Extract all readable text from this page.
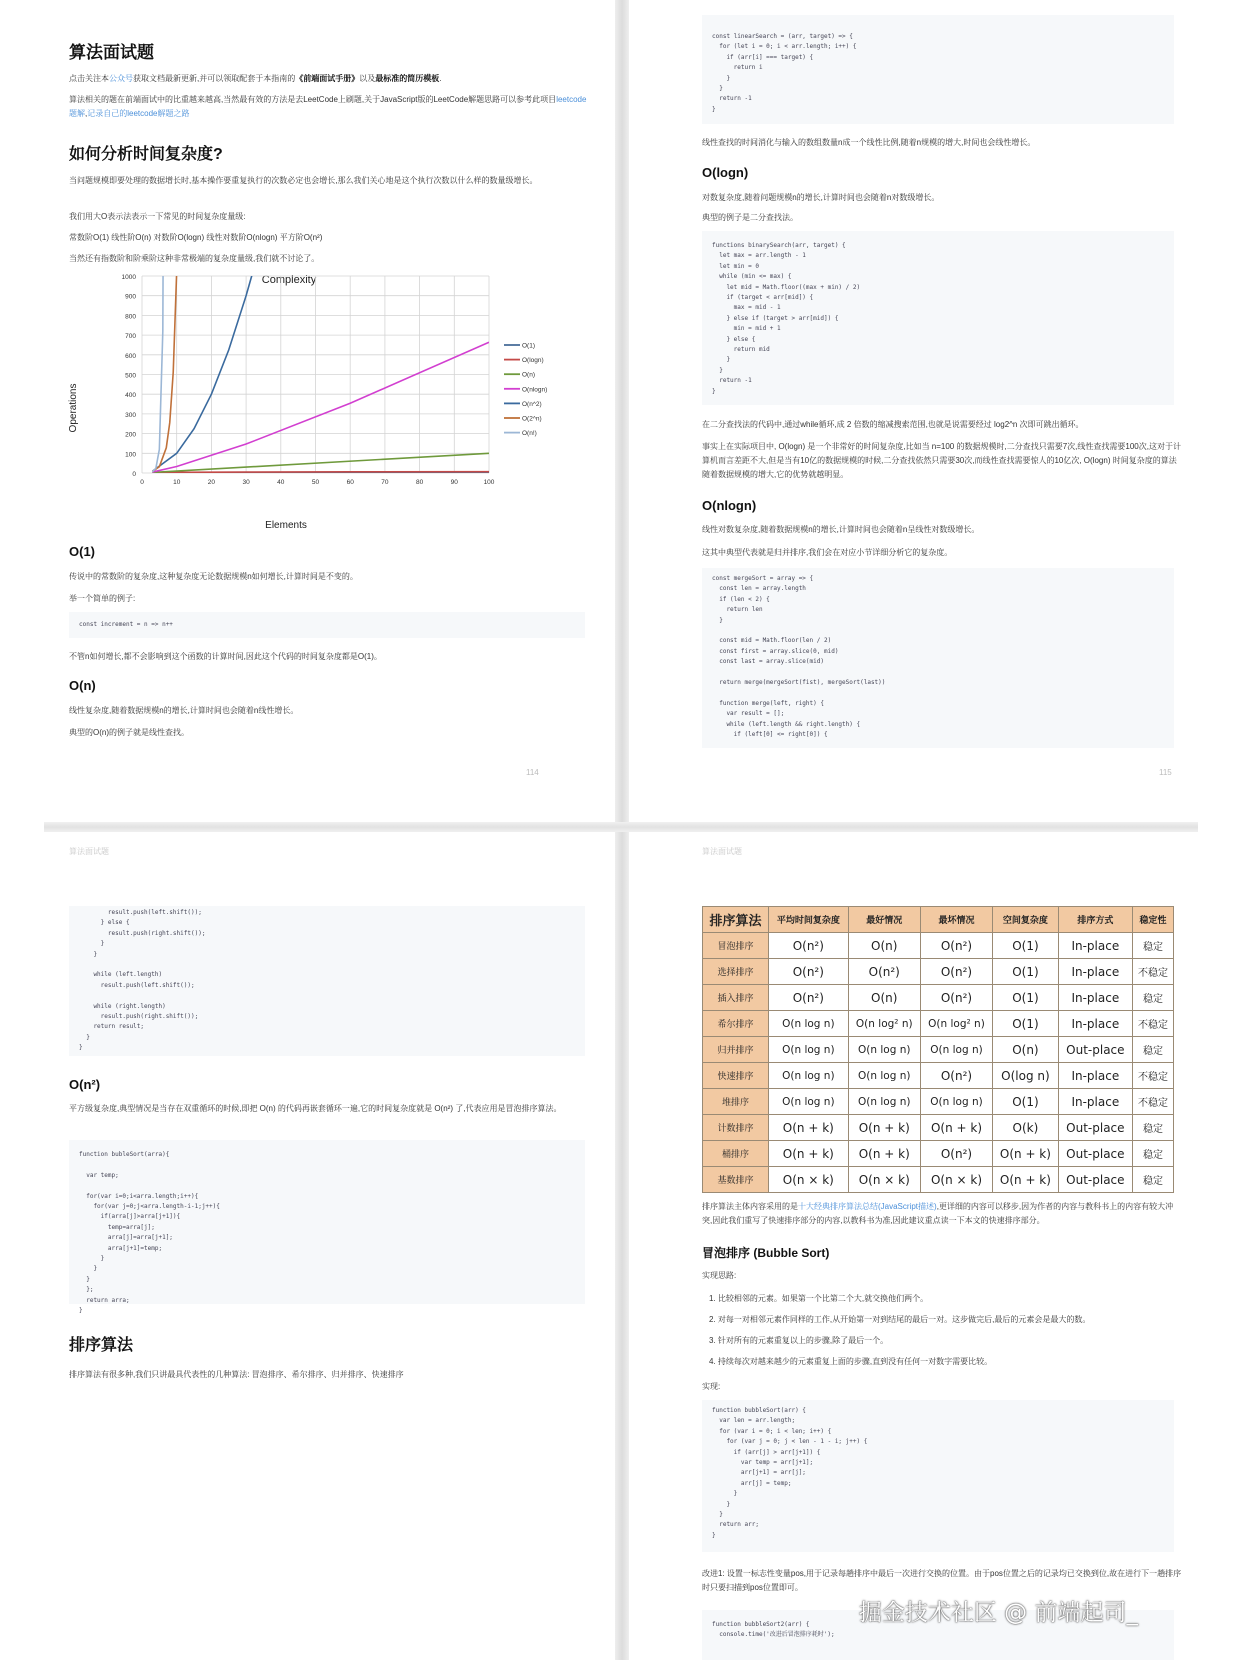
算法面试题
点击关注本公众号获取文档最新更新,并可以领取配套于本指南的《前端面试手册》以及最标准的简历模板.
算法相关的题在前端面试中的比重越来越高,当然最有效的方法是去LeetCode上刷题,关于JavaScript版的LeetCode解题思路可以参考此项目leetcode题解,记录自己的leetcode解题之路
如何分析时间复杂度?
当问题规模即要处理的数据增长时,基本操作要重复执行的次数必定也会增长,那么我们关心地是这个执行次数以什么样的数量级增长。
我们用大O表示法表示一下常见的时间复杂度量级:
常数阶O(1) 线性阶O(n) 对数阶O(logn) 线性对数阶O(nlogn) 平方阶O(n²)
当然还有指数阶和阶乘阶这种非常极端的复杂度量级,我们就不讨论了。
Complexity
Elements
Operations
0
100
200
300
400
500
600
700
800
900
1000
0	10	20	30	40	50	60	70	80	90	100
O(1)
O(logn)
O(n)
O(nlogn)
O(n^2)
O(2^n)
O(n!)
O(1)
传说中的常数阶的复杂度,这种复杂度无论数据规模n如何增长,计算时间是不变的。
举一个简单的例子:
const increment = n => n++
不管n如何增长,都不会影响到这个函数的计算时间,因此这个代码的时间复杂度都是O(1)。
O(n)
线性复杂度,随着数据规模n的增长,计算时间也会随着n线性增长。
典型的O(n)的例子就是线性查找。
114
const linearSearch = (arr, target) => {
for (let i = 0; i < arr.length; i++) {
if (arr[i] === target) {
return i
}
}
return -1
}
线性查找的时间消化与输入的数组数量n成一个线性比例,随着n规模的增大,时间也会线性增长。
O(logn)
对数复杂度,随着问题规模n的增长,计算时间也会随着n对数级增长。
典型的例子是二分查找法。
functions binarySearch(arr, target) {
let max = arr.length - 1
let min = 0
while (min <= max) {
let mid = Math.floor((max + min) / 2)
if (target < arr[mid]) {
max = mid - 1
} else if (target > arr[mid]) {
min = mid + 1
} else {
return mid
}
}
return -1
}
在二分查找法的代码中,通过while循环,成 2 倍数的缩减搜索范围,也就是说需要经过 log2^n 次即可跳出循环。
事实上在实际项目中, O(logn) 是一个非常好的时间复杂度,比如当 n=100 的数据规模时,二分查找只需要7次,线性查找需要100次,这对于计算机而言差距不大,但是当有10亿的数据规模的时候,二分查找依然只需要30次,而线性查找需要惊人的10亿次, O(logn) 时间复杂度的算法随着数据规模的增大,它的优势就越明显。
O(nlogn)
线性对数复杂度,随着数据规模n的增长,计算时间也会随着n呈线性对数级增长。
这其中典型代表就是归并排序,我们会在对应小节详细分析它的复杂度。
const mergeSort = array => {
const len = array.length
if (len < 2) {
return len
}

const mid = Math.floor(len / 2)
const first = array.slice(0, mid)
const last = array.slice(mid)

return merge(mergeSort(fist), mergeSort(last))

function merge(left, right) {
var result = [];
while (left.length && right.length) {
if (left[0] <= right[0]) {
115
算法面试题
result.push(left.shift());
} else {
result.push(right.shift());
}
}

while (left.length)
result.push(left.shift());

while (right.length)
result.push(right.shift());
return result;
}
}
O(n²)
平方级复杂度,典型情况是当存在双重循环的时候,即把 O(n) 的代码再嵌套循环一遍,它的时间复杂度就是 O(n²) 了,代表应用是冒泡排序算法。
function bubleSort(arra){

var temp;

for(var i=0;i<arra.length;i++){
for(var j=0;j<arra.length-i-1;j++){
if(arra[j]>arra[j+1]){
temp=arra[j];
arra[j]=arra[j+1];
arra[j+1]=temp;
}
}
}
};
return arra;
}
排序算法
排序算法有很多种,我们只讲最具代表性的几种算法: 冒泡排序、希尔排序、归并排序、快速排序
算法面试题
排序算法	平均时间复杂度	最好情况	最坏情况	空间复杂度	排序方式	稳定性
冒泡排序	O(n²)	O(n)	O(n²)	O(1)	In-place	稳定
选择排序	O(n²)	O(n²)	O(n²)	O(1)	In-place	不稳定
插入排序	O(n²)	O(n)	O(n²)	O(1)	In-place	稳定
希尔排序	O(n log n)	O(n log² n)	O(n log² n)	O(1)	In-place	不稳定
归并排序	O(n log n)	O(n log n)	O(n log n)	O(n)	Out-place	稳定
快速排序	O(n log n)	O(n log n)	O(n²)	O(log n)	In-place	不稳定
堆排序	O(n log n)	O(n log n)	O(n log n)	O(1)	In-place	不稳定
计数排序	O(n + k)	O(n + k)	O(n + k)	O(k)	Out-place	稳定
桶排序	O(n + k)	O(n + k)	O(n²)	O(n + k)	Out-place	稳定
基数排序	O(n × k)	O(n × k)	O(n × k)	O(n + k)	Out-place	稳定
排序算法主体内容采用的是十大经典排序算法总结(JavaScript描述),更详细的内容可以移步,因为作者的内容与教科书上的内容有较大冲突,因此我们重写了快速排序部分的内容,以教科书为准,因此建议重点读一下本文的快速排序部分。
冒泡排序 (Bubble Sort)
实现思路:
1. 比较相邻的元素。如果第一个比第二个大,就交换他们两个。
2. 对每一对相邻元素作同样的工作,从开始第一对到结尾的最后一对。这步做完后,最后的元素会是最大的数。
3. 针对所有的元素重复以上的步骤,除了最后一个。
4. 持续每次对越来越少的元素重复上面的步骤,直到没有任何一对数字需要比较。
实现:
function bubbleSort(arr) {
var len = arr.length;
for (var i = 0; i < len; i++) {
for (var j = 0; j < len - 1 - i; j++) {
if (arr[j] > arr[j+1]) {
var temp = arr[j+1];
arr[j+1] = arr[j];
arr[j] = temp;
}
}
}
return arr;
}
改进1: 设置一标志性变量pos,用于记录每趟排序中最后一次进行交换的位置。由于pos位置之后的记录均已交换到位,故在进行下一趟排序时只要扫描到pos位置即可。
function bubbleSort2(arr) {
console.time('改进后冒泡排序耗时');
掘金技术社区 @ 前端起司_
